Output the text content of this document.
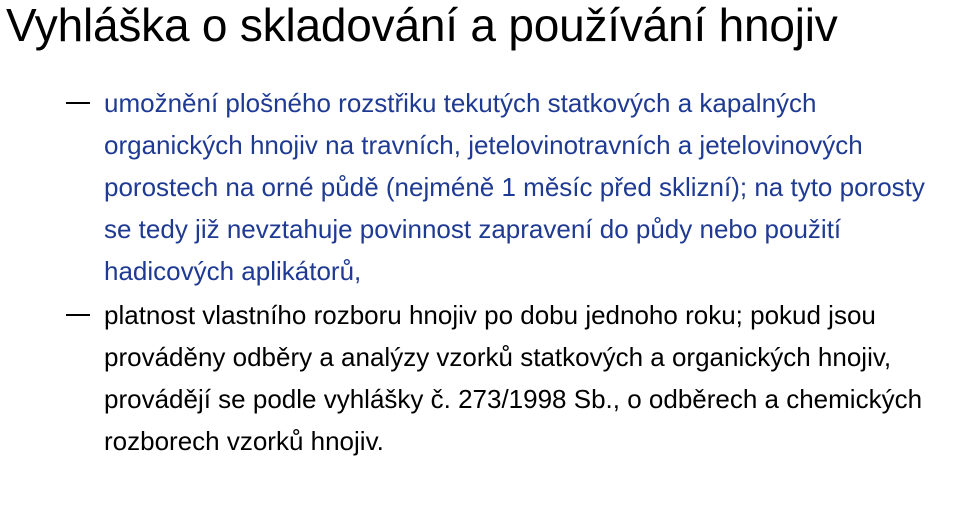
Vyhláška o skladování a používání hnojiv
umožnění plošného rozstřiku tekutých statkových a kapalných organických hnojiv na travních, jetelovinotravních a jetelovinových porostech na orné půdě (nejméně 1 měsíc před sklizní); na tyto porosty se tedy již nevztahuje povinnost zapravení do půdy nebo použití hadicových aplikátorů,
platnost vlastního rozboru hnojiv po dobu jednoho roku; pokud jsou prováděny odběry a analýzy vzorků statkových a organických hnojiv, provádějí se podle vyhlášky č. 273/1998 Sb., o odběrech a chemických rozborech vzorků hnojiv.
